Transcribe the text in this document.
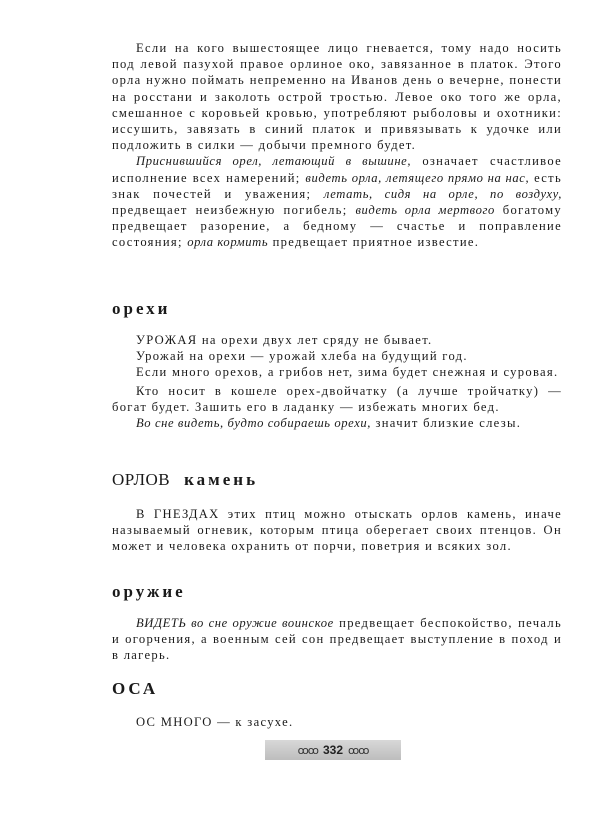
Если на кого вышестоящее лицо гневается, тому надо носить под левой пазухой правое орлиное око, завязанное в платок. Этого орла нужно поймать непременно на Иванов день о вечерне, понести на росстани и заколоть острой тростью. Левое око того же орла, смешанное с коровьей кровью, употребляют рыболовы и охотники: иссушить, завязать в синий платок и привязывать к удочке или подложить в силки — добычи премного будет.

Приснившийся орел, летающий в вышине, означает счастливое исполнение всех намерений; видеть орла, летящего прямо на нас, есть знак почестей и уважения; летать, сидя на орле, по воздуху, предвещает неизбежную погибель; видеть орла мертвого богатому предвещает разорение, а бедному — счастье и поправление состояния; орла кормить предвещает приятное известие.

орехи

УРОЖАЯ на орехи двух лет сряду не бывает.

Урожай на орехи — урожай хлеба на будущий год.

Если много орехов, а грибов нет, зима будет снежная и суровая.

Кто носит в кошеле орех-двойчатку (а лучше тройчатку) — богат будет. Зашить его в ладанку — избежать многих бед.

Во сне видеть, будто собираешь орехи, значит близкие слезы.

ОРЛОВ камень

В ГНЕЗДАХ этих птиц можно отыскать орлов камень, иначе называемый огневик, которым птица оберегает своих птенцов. Он может и человека охранить от порчи, поветрия и всяких зол.

оружие

ВИДЕТЬ во сне оружие воинское предвещает беспокойство, печаль и огорчения, а военным сей сон предвещает выступление в поход и в лагерь.

ОСА

ОС МНОГО — к засухе.

ꝏꝏ 332 ꝏꝏ
